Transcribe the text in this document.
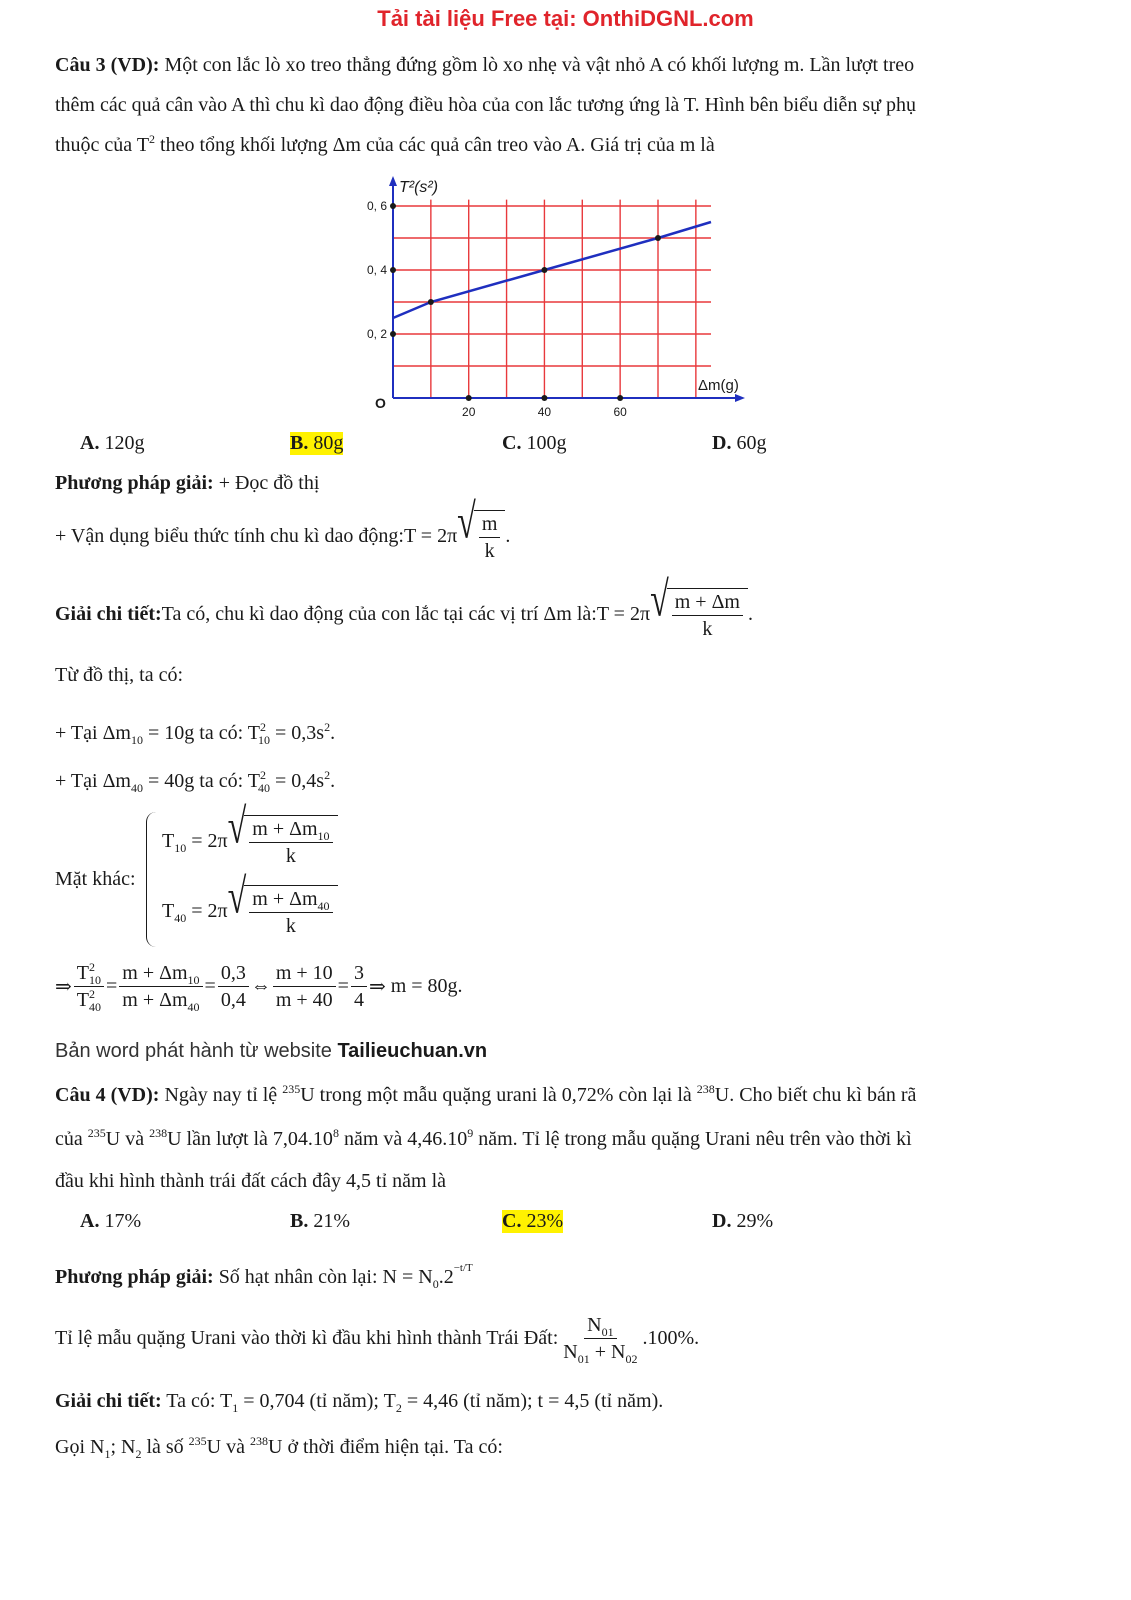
Tải tài liệu Free tại: OnthiDGNL.com
Câu 3 (VD): Một con lắc lò xo treo thẳng đứng gồm lò xo nhẹ và vật nhỏ A có khối lượng m. Lần lượt treo
thêm các quả cân vào A thì chu kì dao động điều hòa của con lắc tương ứng là T. Hình bên biểu diễn sự phụ
thuộc của $T^2$ theo tổng khối lượng Δm của các quả cân treo vào A. Giá trị của m là
20	40	60
0, 2
0, 4
0, 6
O
Δm(g)
T²(s²)
A. 120g	B. 80g	C. 100g	D. 60g
Phương pháp giải: + Đọc đồ thị
+ Vận dụng biểu thức tính chu kì dao động: T = 2π √ $\frac{m}{k}$ .
Giải chi tiết: Ta có, chu kì dao động của con lắc tại các vị trí Δm là: T = 2π √ $\frac{m + \Delta m}{k}$ .
Từ đồ thị, ta có:
+ Tại $\Delta m_{10} = 10g$ ta có: $T^2_{10} = 0,3s^2$.
+ Tại $\Delta m_{40} = 40g$ ta có: $T^2_{40} = 0,4s^2$.
Mặt khác:
$T_{10} = 2\pi$ √ $\frac{m + \Delta m_{10}}{k}$
$T_{40} = 2\pi$ √ $\frac{m + \Delta m_{40}}{k}$
⇒ $\frac{T^2_{10}}{T^2_{40}} = \frac{m + \Delta m_{10}}{m + \Delta m_{40}} = \frac{0,3}{0,4}$ ⇔ $\frac{m + 10}{m + 40} = \frac{3}{4}$ ⇒ m = 80g .
Bản word phát hành từ website Tailieuchuan.vn
Câu 4 (VD): Ngày nay tỉ lệ $^{235}$U trong một mẫu quặng urani là 0,72% còn lại là $^{238}$U. Cho biết chu kì bán rã
của $^{235}$U và $^{238}$U lần lượt là 7,04.10$^8$ năm và 4,46.10$^9$ năm. Tỉ lệ trong mẫu quặng Urani nêu trên vào thời kì
đầu khi hình thành trái đất cách đây 4,5 tỉ năm là
A. 17%	B. 21%	C. 23%	D. 29%
Phương pháp giải: Số hạt nhân còn lại: $N = N_0.2^{-t/T}$
Tỉ lệ mẫu quặng Urani vào thời kì đầu khi hình thành Trái Đất: $\frac{N_{01}}{N_{01} + N_{02}} .100\%$.
Giải chi tiết: Ta có: $T_1 = 0,704$ (tỉ năm); $T_2 = 4,46$ (tỉ năm); t = 4,5 (tỉ năm).
Gọi $N_1$; $N_2$ là số $^{235}$U và $^{238}$U ở thời điểm hiện tại. Ta có:
